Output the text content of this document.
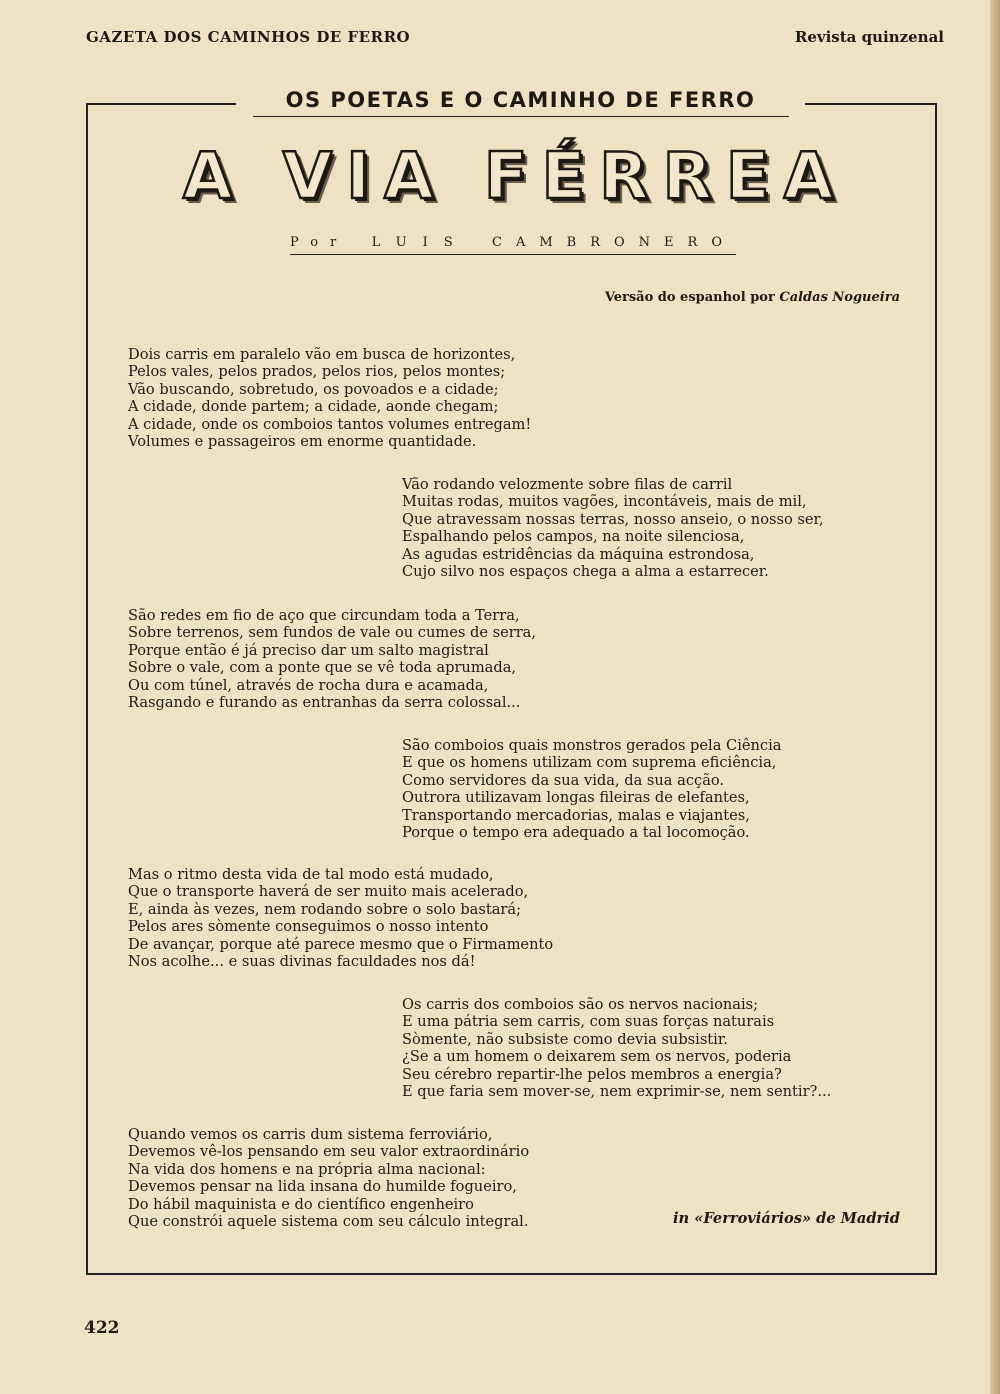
GAZETA DOS CAMINHOS DE FERRO	Revista quinzenal
OS POETAS E O CAMINHO DE FERRO
A VIA FÉRREA
Por LUIS CAMBRONERO
Versão do espanhol por Caldas Nogueira
Dois carris em paralelo vão em busca de horizontes,
Pelos vales, pelos prados, pelos rios, pelos montes;
Vão buscando, sobretudo, os povoados e a cidade;
A cidade, donde partem; a cidade, aonde chegam;
A cidade, onde os comboios tantos volumes entregam!
Volumes e passageiros em enorme quantidade.
Vão rodando velozmente sobre filas de carril
Muitas rodas, muitos vagões, incontáveis, mais de mil,
Que atravessam nossas terras, nosso anseio, o nosso ser,
Espalhando pelos campos, na noite silenciosa,
As agudas estridências da máquina estrondosa,
Cujo silvo nos espaços chega a alma a estarrecer.
São redes em fio de aço que circundam toda a Terra,
Sobre terrenos, sem fundos de vale ou cumes de serra,
Porque então é já preciso dar um salto magistral
Sobre o vale, com a ponte que se vê toda aprumada,
Ou com túnel, através de rocha dura e acamada,
Rasgando e furando as entranhas da serra colossal...
São comboios quais monstros gerados pela Ciência
E que os homens utilizam com suprema eficiência,
Como servidores da sua vida, da sua acção.
Outrora utilizavam longas fileiras de elefantes,
Transportando mercadorias, malas e viajantes,
Porque o tempo era adequado a tal locomoção.
Mas o ritmo desta vida de tal modo está mudado,
Que o transporte haverá de ser muito mais acelerado,
E, ainda às vezes, nem rodando sobre o solo bastará;
Pelos ares sòmente conseguimos o nosso intento
De avançar, porque até parece mesmo que o Firmamento
Nos acolhe... e suas divinas faculdades nos dá!
Os carris dos comboios são os nervos nacionais;
E uma pátria sem carris, com suas forças naturais
Sòmente, não subsiste como devia subsistir.
¿Se a um homem o deixarem sem os nervos, poderia
Seu cérebro repartir-lhe pelos membros a energia?
E que faria sem mover-se, nem exprimir-se, nem sentir?...
Quando vemos os carris dum sistema ferroviário,
Devemos vê-los pensando em seu valor extraordinário
Na vida dos homens e na própria alma nacional:
Devemos pensar na lida insana do humilde fogueiro,
Do hábil maquinista e do científico engenheiro
Que constrói aquele sistema com seu cálculo integral.	in «Ferroviários» de Madrid
422
